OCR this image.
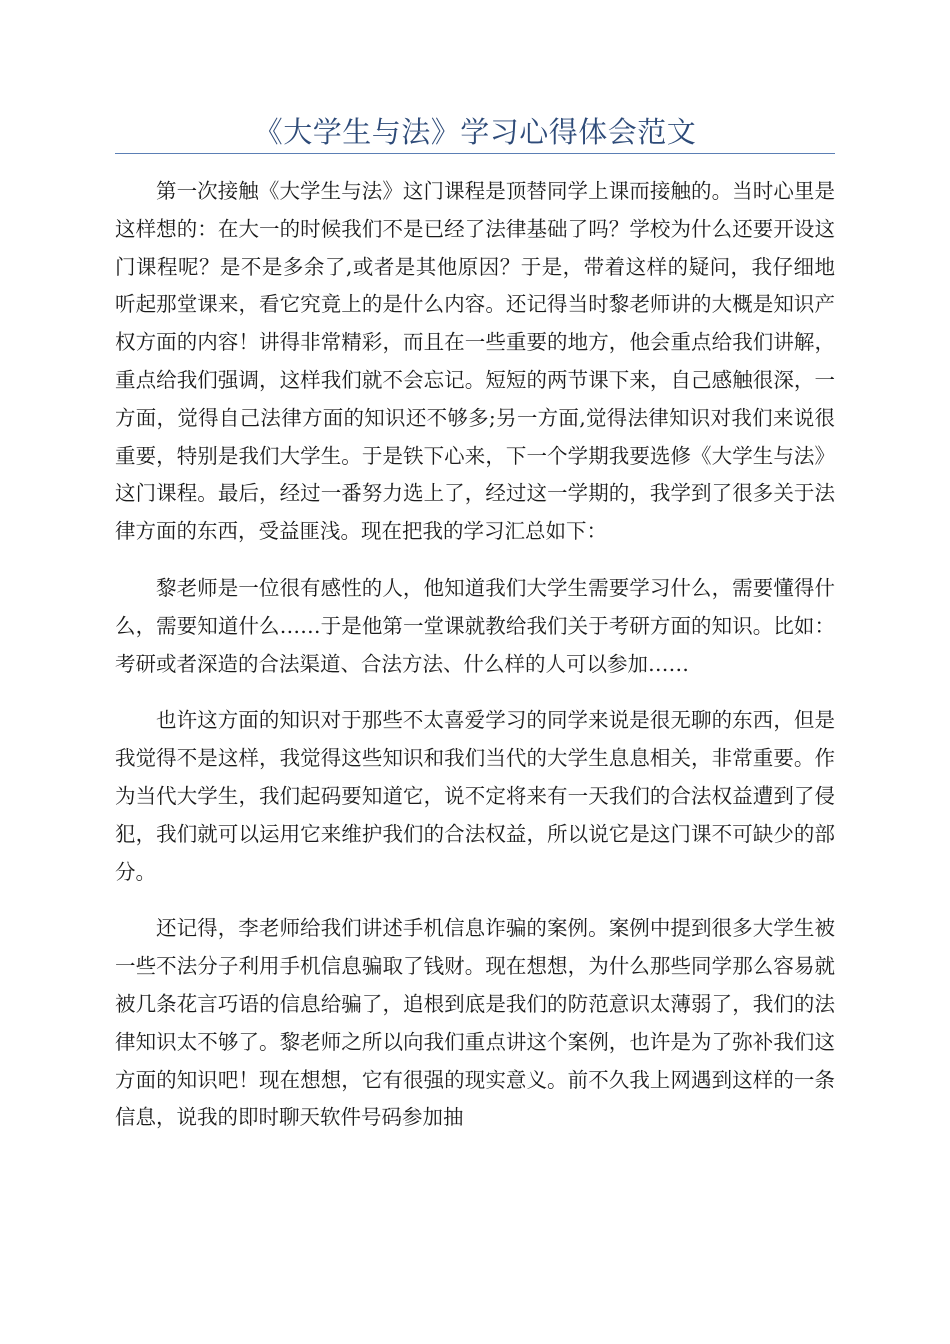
《大学生与法》学习心得体会范文

第一次接触《大学生与法》这门课程是顶替同学上课而接触的。当时心里是这样想的：在大一的时候我们不是已经了法律基础了吗？学校为什么还要开设这门课程呢？是不是多余了,或者是其他原因？于是，带着这样的疑问，我仔细地听起那堂课来，看它究竟上的是什么内容。还记得当时黎老师讲的大概是知识产权方面的内容！讲得非常精彩，而且在一些重要的地方，他会重点给我们讲解，重点给我们强调，这样我们就不会忘记。短短的两节课下来，自己感触很深，一方面，觉得自己法律方面的知识还不够多;另一方面,觉得法律知识对我们来说很重要，特别是我们大学生。于是铁下心来，下一个学期我要选修《大学生与法》这门课程。最后，经过一番努力选上了，经过这一学期的，我学到了很多关于法律方面的东西，受益匪浅。现在把我的学习汇总如下：

黎老师是一位很有感性的人，他知道我们大学生需要学习什么，需要懂得什么，需要知道什么……于是他第一堂课就教给我们关于考研方面的知识。比如：考研或者深造的合法渠道、合法方法、什么样的人可以参加……

也许这方面的知识对于那些不太喜爱学习的同学来说是很无聊的东西，但是我觉得不是这样，我觉得这些知识和我们当代的大学生息息相关，非常重要。作为当代大学生，我们起码要知道它，说不定将来有一天我们的合法权益遭到了侵犯，我们就可以运用它来维护我们的合法权益，所以说它是这门课不可缺少的部分。

还记得，李老师给我们讲述手机信息诈骗的案例。案例中提到很多大学生被一些不法分子利用手机信息骗取了钱财。现在想想，为什么那些同学那么容易就被几条花言巧语的信息给骗了，追根到底是我们的防范意识太薄弱了，我们的法律知识太不够了。黎老师之所以向我们重点讲这个案例，也许是为了弥补我们这方面的知识吧！现在想想，它有很强的现实意义。前不久我上网遇到这样的一条信息，说我的即时聊天软件号码参加抽
